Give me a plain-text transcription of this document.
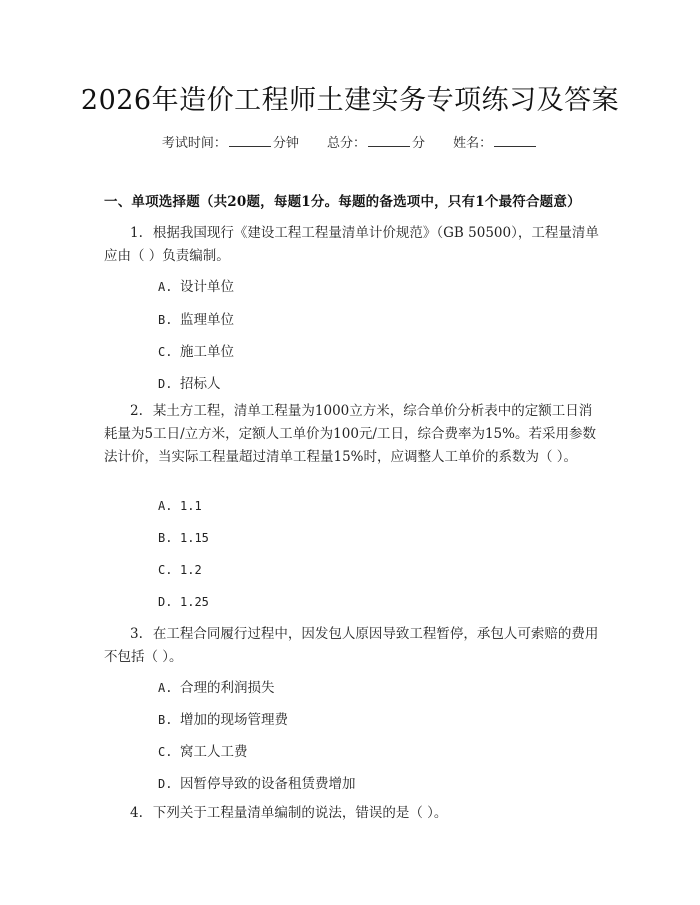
2026年造价工程师土建实务专项练习及答案
考试时间：	分钟 总分：	分 姓名：
一、单项选择题（共20题，每题1分。每题的备选项中，只有1个最符合题意）
1. 根据我国现行《建设工程工程量清单计价规范》（GB 50500），工程量清单应由（ ）负责编制。
A. 设计单位
B. 监理单位
C. 施工单位
D. 招标人
2. 某土方工程，清单工程量为1000立方米，综合单价分析表中的定额工日消耗量为5工日/立方米，定额人工单价为100元/工日，综合费率为15%。若采用参数法计价，当实际工程量超过清单工程量15%时，应调整人工单价的系数为（ ）。
A. 1.1
B. 1.15
C. 1.2
D. 1.25
3. 在工程合同履行过程中，因发包人原因导致工程暂停，承包人可索赔的费用不包括（ ）。
A. 合理的利润损失
B. 增加的现场管理费
C. 窝工人工费
D. 因暂停导致的设备租赁费增加
4. 下列关于工程量清单编制的说法，错误的是（ ）。
